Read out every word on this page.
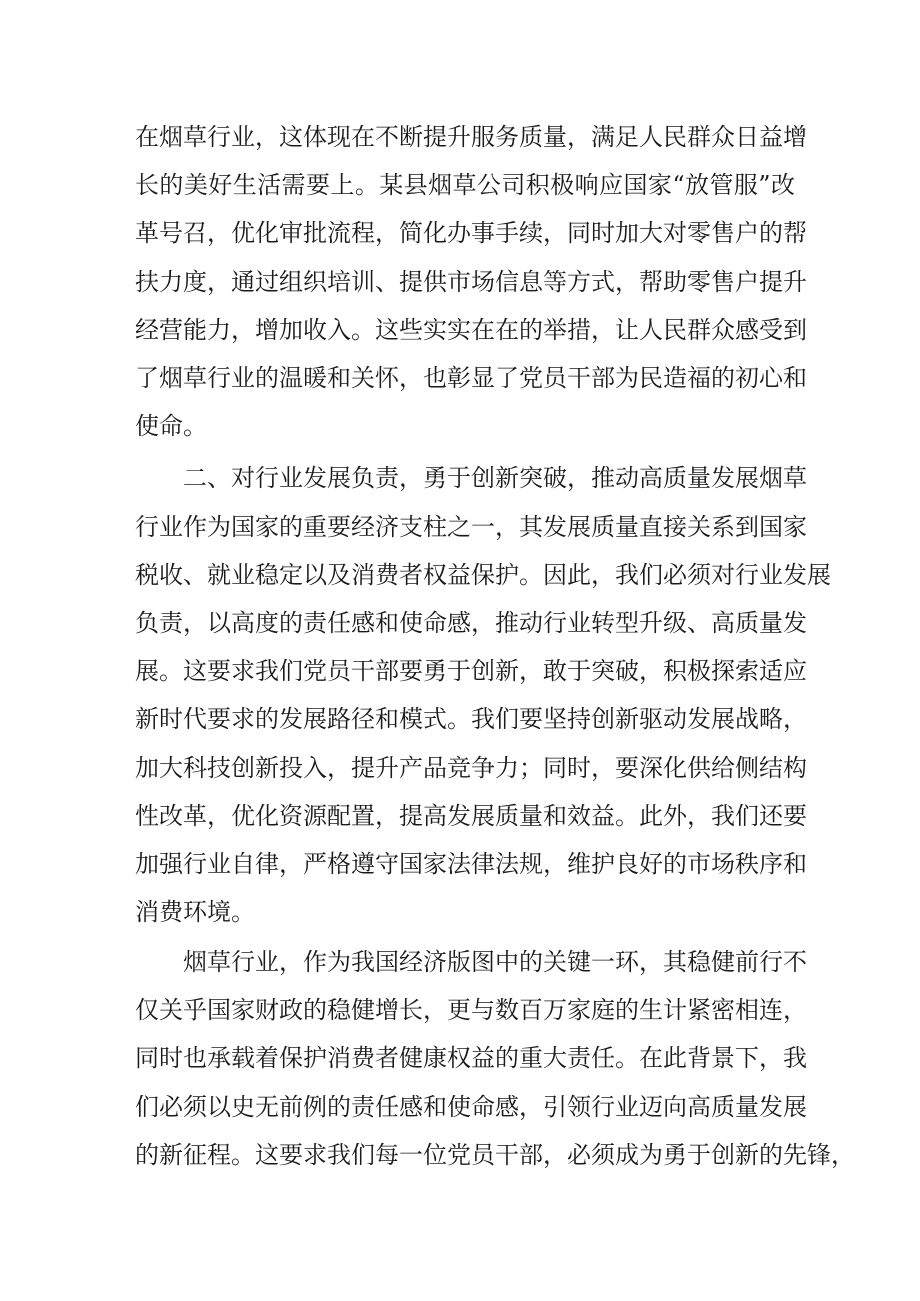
在烟草行业，这体现在不断提升服务质量，满足人民群众日益增
长的美好生活需要上。某县烟草公司积极响应国家“放管服”改
革号召，优化审批流程，简化办事手续，同时加大对零售户的帮
扶力度，通过组织培训、提供市场信息等方式，帮助零售户提升
经营能力，增加收入。这些实实在在的举措，让人民群众感受到
了烟草行业的温暖和关怀，也彰显了党员干部为民造福的初心和
使命。
二、对行业发展负责，勇于创新突破，推动高质量发展烟草
行业作为国家的重要经济支柱之一，其发展质量直接关系到国家
税收、就业稳定以及消费者权益保护。因此，我们必须对行业发展
负责，以高度的责任感和使命感，推动行业转型升级、高质量发
展。这要求我们党员干部要勇于创新，敢于突破，积极探索适应
新时代要求的发展路径和模式。我们要坚持创新驱动发展战略，
加大科技创新投入，提升产品竞争力；同时，要深化供给侧结构
性改革，优化资源配置，提高发展质量和效益。此外，我们还要
加强行业自律，严格遵守国家法律法规，维护良好的市场秩序和
消费环境。
烟草行业，作为我国经济版图中的关键一环，其稳健前行不
仅关乎国家财政的稳健增长，更与数百万家庭的生计紧密相连，
同时也承载着保护消费者健康权益的重大责任。在此背景下，我
们必须以史无前例的责任感和使命感，引领行业迈向高质量发展
的新征程。这要求我们每一位党员干部，必须成为勇于创新的先锋，
